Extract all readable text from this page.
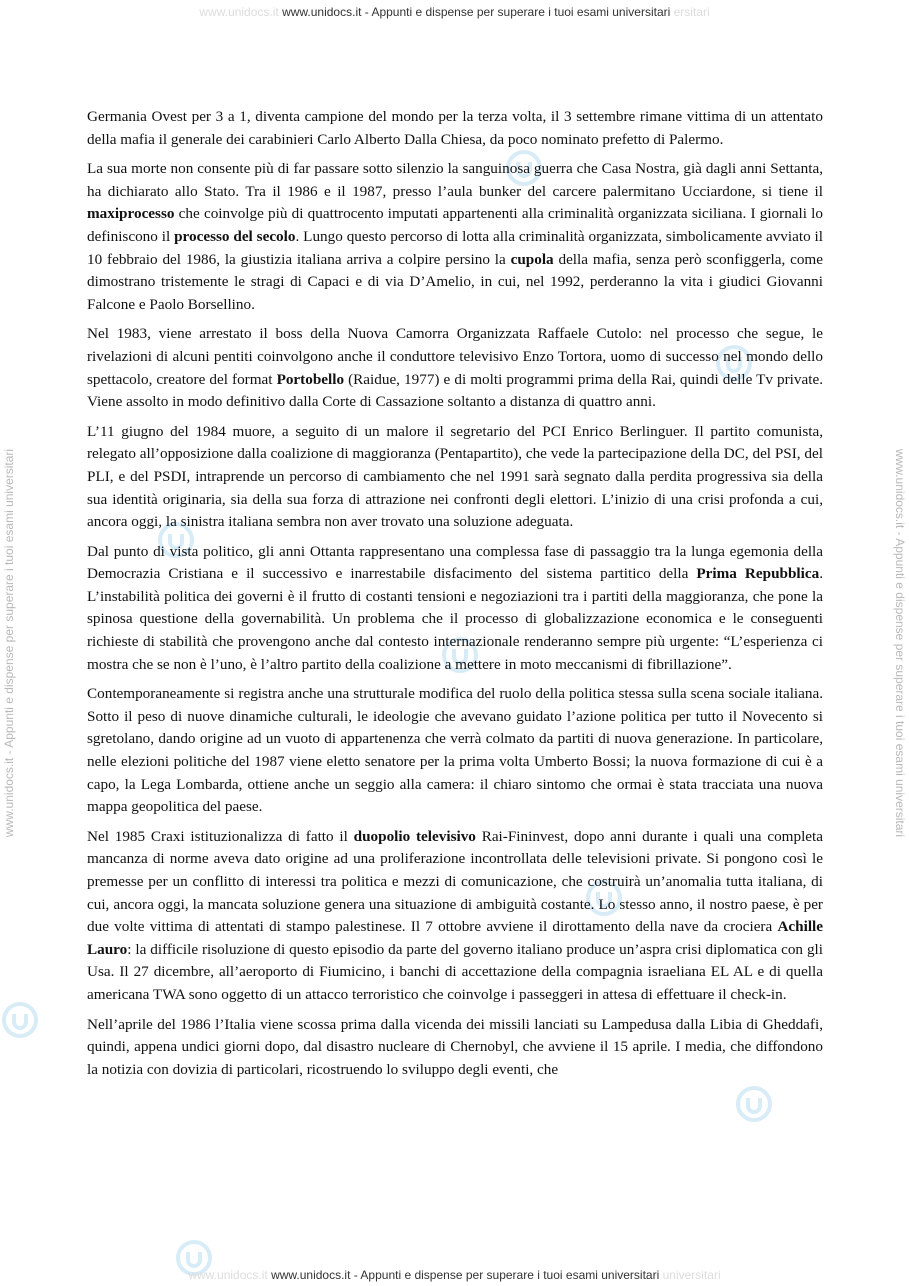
www.unidocs.it www.unidocs.it - Appunti e dispense per superare i tuoi esami universitari ersitari
www.unidocs.it - Appunti e dispense per superare i tuoi esami universitari	www.unidocs.it - Appunti e dispense per superare i tuoi esami universitari

Germania Ovest per 3 a 1, diventa campione del mondo per la terza volta, il 3 settembre rimane vittima di un attentato della mafia il generale dei carabinieri Carlo Alberto Dalla Chiesa, da poco nominato prefetto di Palermo.

La sua morte non consente più di far passare sotto silenzio la sanguinosa guerra che Casa Nostra, già dagli anni Settanta, ha dichiarato allo Stato. Tra il 1986 e il 1987, presso l’aula bunker del carcere palermitano Ucciardone, si tiene il maxiprocesso che coinvolge più di quattrocento imputati appartenenti alla criminalità organizzata siciliana. I giornali lo definiscono il processo del secolo. Lungo questo percorso di lotta alla criminalità organizzata, simbolicamente avviato il 10 febbraio del 1986, la giustizia italiana arriva a colpire persino la cupola della mafia, senza però sconfiggerla, come dimostrano tristemente le stragi di Capaci e di via D’Amelio, in cui, nel 1992, perderanno la vita i giudici Giovanni Falcone e Paolo Borsellino.

Nel 1983, viene arrestato il boss della Nuova Camorra Organizzata Raffaele Cutolo: nel processo che segue, le rivelazioni di alcuni pentiti coinvolgono anche il conduttore televisivo Enzo Tortora, uomo di successo nel mondo dello spettacolo, creatore del format Portobello (Raidue, 1977) e di molti programmi prima della Rai, quindi delle Tv private. Viene assolto in modo definitivo dalla Corte di Cassazione soltanto a distanza di quattro anni.

L’11 giugno del 1984 muore, a seguito di un malore il segretario del PCI Enrico Berlinguer. Il partito comunista, relegato all’opposizione dalla coalizione di maggioranza (Pentapartito), che vede la partecipazione della DC, del PSI, del PLI, e del PSDI, intraprende un percorso di cambiamento che nel 1991 sarà segnato dalla perdita progressiva sia della sua identità originaria, sia della sua forza di attrazione nei confronti degli elettori. L’inizio di una crisi profonda a cui, ancora oggi, la sinistra italiana sembra non aver trovato una soluzione adeguata.

Dal punto di vista politico, gli anni Ottanta rappresentano una complessa fase di passaggio tra la lunga egemonia della Democrazia Cristiana e il successivo e inarrestabile disfacimento del sistema partitico della Prima Repubblica. L’instabilità politica dei governi è il frutto di costanti tensioni e negoziazioni tra i partiti della maggioranza, che pone la spinosa questione della governabilità. Un problema che il processo di globalizzazione economica e le conseguenti richieste di stabilità che provengono anche dal contesto internazionale renderanno sempre più urgente: “L’esperienza ci mostra che se non è l’uno, è l’altro partito della coalizione a mettere in moto meccanismi di fibrillazione”.

Contemporaneamente si registra anche una strutturale modifica del ruolo della politica stessa sulla scena sociale italiana. Sotto il peso di nuove dinamiche culturali, le ideologie che avevano guidato l’azione politica per tutto il Novecento si sgretolano, dando origine ad un vuoto di appartenenza che verrà colmato da partiti di nuova generazione. In particolare, nelle elezioni politiche del 1987 viene eletto senatore per la prima volta Umberto Bossi; la nuova formazione di cui è a capo, la Lega Lombarda, ottiene anche un seggio alla camera: il chiaro sintomo che ormai è stata tracciata una nuova mappa geopolitica del paese.

Nel 1985 Craxi istituzionalizza di fatto il duopolio televisivo Rai-Fininvest, dopo anni durante i quali una completa mancanza di norme aveva dato origine ad una proliferazione incontrollata delle televisioni private. Si pongono così le premesse per un conflitto di interessi tra politica e mezzi di comunicazione, che costruirà un’anomalia tutta italiana, di cui, ancora oggi, la mancata soluzione genera una situazione di ambiguità costante. Lo stesso anno, il nostro paese, è per due volte vittima di attentati di stampo palestinese. Il 7 ottobre avviene il dirottamento della nave da crociera Achille Lauro: la difficile risoluzione di questo episodio da parte del governo italiano produce un’aspra crisi diplomatica con gli Usa. Il 27 dicembre, all’aeroporto di Fiumicino, i banchi di accettazione della compagnia israeliana EL AL e di quella americana TWA sono oggetto di un attacco terroristico che coinvolge i passeggeri in attesa di effettuare il check-in.

Nell’aprile del 1986 l’Italia viene scossa prima dalla vicenda dei missili lanciati su Lampedusa dalla Libia di Gheddafi, quindi, appena undici giorni dopo, dal disastro nucleare di Chernobyl, che avviene il 15 aprile. I media, che diffondono la notizia con dovizia di particolari, ricostruendo lo sviluppo degli eventi, che

www.unidocs.it www.unidocs.it - Appunti e dispense per superare i tuoi esami universitari universitari
